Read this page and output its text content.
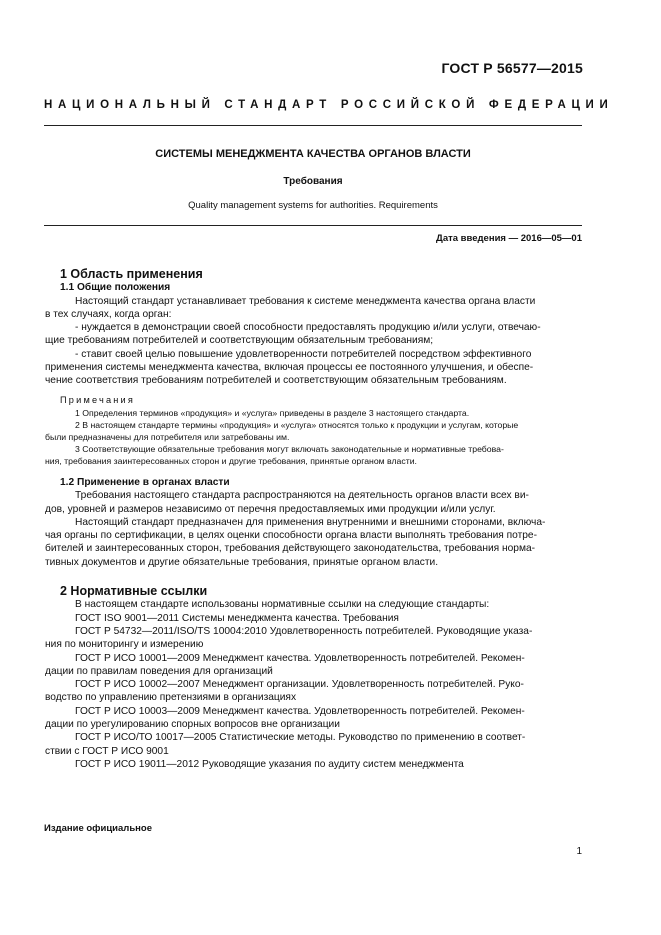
ГОСТ Р 56577—2015
НАЦИОНАЛЬНЫЙ СТАНДАРТ РОССИЙСКОЙ ФЕДЕРАЦИИ
СИСТЕМЫ МЕНЕДЖМЕНТА КАЧЕСТВА ОРГАНОВ ВЛАСТИ
Требования
Quality management systems for authorities. Requirements
Дата введения — 2016—05—01

1 Область применения

1.1 Общие положения

Настоящий стандарт устанавливает требования к системе менеджмента качества органа власти

в тех случаях, когда орган:

- нуждается в демонстрации своей способности предоставлять продукцию и/или услуги, отвечаю-

щие требованиям потребителей и соответствующим обязательным требованиям;

- ставит своей целью повышение удовлетворенности потребителей посредством эффективного

применения системы менеджмента качества, включая процессы ее постоянного улучшения, и обеспе-

чение соответствия требованиям потребителей и соответствующим обязательным требованиям.

Примечания

1 Определения терминов «продукция» и «услуга» приведены в разделе 3 настоящего стандарта.

2 В настоящем стандарте термины «продукция» и «услуга» относятся только к продукции и услугам, которые

были предназначены для потребителя или затребованы им.

3 Соответствующие обязательные требования могут включать законодательные и нормативные требова-

ния, требования заинтересованных сторон и другие требования, принятые органом власти.

1.2 Применение в органах власти

Требования настоящего стандарта распространяются на деятельность органов власти всех ви-

дов, уровней и размеров независимо от перечня предоставляемых ими продукции и/или услуг.

Настоящий стандарт предназначен для применения внутренними и внешними сторонами, включа-

чая органы по сертификации, в целях оценки способности органа власти выполнять требования потре-

бителей и заинтересованных сторон, требования действующего законодательства, требования норма-

тивных документов и другие обязательные требования, принятые органом власти.

2 Нормативные ссылки

В настоящем стандарте использованы нормативные ссылки на следующие стандарты:

ГОСТ ISO 9001—2011 Системы менеджмента качества. Требования

ГОСТ Р 54732—2011/ISO/TS 10004:2010 Удовлетворенность потребителей. Руководящие указа-

ния по мониторингу и измерению

ГОСТ Р ИСО 10001—2009 Менеджмент качества. Удовлетворенность потребителей. Рекомен-

дации по правилам поведения для организаций

ГОСТ Р ИСО 10002—2007 Менеджмент организации. Удовлетворенность потребителей. Руко-

водство по управлению претензиями в организациях

ГОСТ Р ИСО 10003—2009 Менеджмент качества. Удовлетворенность потребителей. Рекомен-

дации по урегулированию спорных вопросов вне организации

ГОСТ Р ИСО/ТО 10017—2005 Статистические методы. Руководство по применению в соответ-

ствии с ГОСТ Р ИСО 9001

ГОСТ Р ИСО 19011—2012 Руководящие указания по аудиту систем менеджмента

Издание официальное
1
